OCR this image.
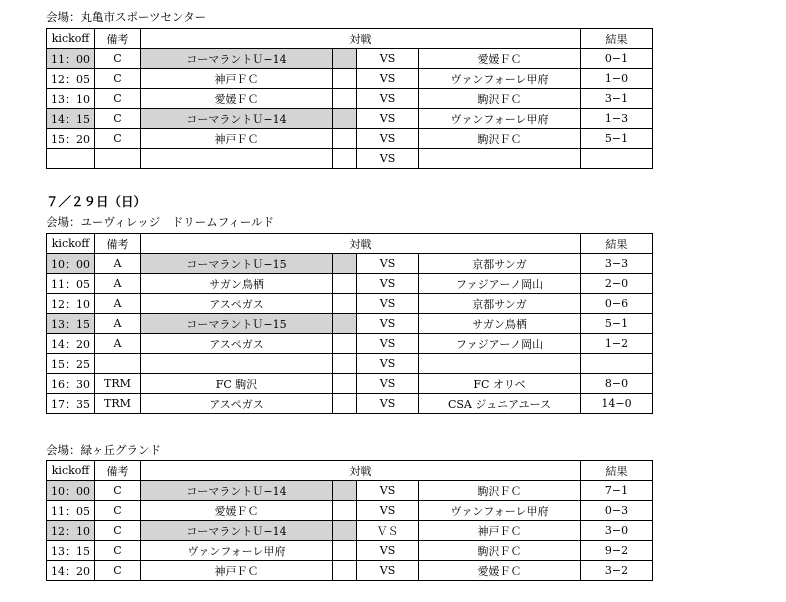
会場：丸亀市スポーツセンター
kickoff	備考	対戦				結果
11：00	C	コーマラントＵ−14		VS	愛媛ＦＣ	0−1
12：05	C	神戸ＦＣ		VS	ヴァンフォーレ甲府	1−0
13：10	C	愛媛ＦＣ		VS	駒沢ＦＣ	3−1
14：15	C	コーマラントＵ−14		VS	ヴァンフォーレ甲府	1−3
15：20	C	神戸ＦＣ		VS	駒沢ＦＣ	5−1
				VS		
７／２９日（日）
会場：ユーヴィレッジ　ドリームフィールド
kickoff	備考	対戦				結果
10：00	A	コーマラントＵ−15		VS	京都サンガ	3−3
11：05	A	サガン鳥栖		VS	ファジアーノ岡山	2−0
12：10	A	アスペガス		VS	京都サンガ	0−6
13：15	A	コーマラントＵ−15		VS	サガン鳥栖	5−1
14：20	A	アスペガス		VS	ファジアーノ岡山	1−2
15：25				VS		
16：30	TRM	FC 駒沢		VS	FC オリベ	8−0
17：35	TRM	アスペガス		VS	CSA ジュニアユース	14−0
会場：緑ヶ丘グランド
kickoff	備考	対戦				結果
10：00	C	コーマラントＵ−14		VS	駒沢ＦＣ	7−1
11：05	C	愛媛ＦＣ		VS	ヴァンフォーレ甲府	0−3
12：10	C	コーマラントＵ−14		ＶＳ	神戸ＦＣ	3−0
13：15	C	ヴァンフォーレ甲府		VS	駒沢ＦＣ	9−2
14：20	C	神戸ＦＣ		VS	愛媛ＦＣ	3−2
